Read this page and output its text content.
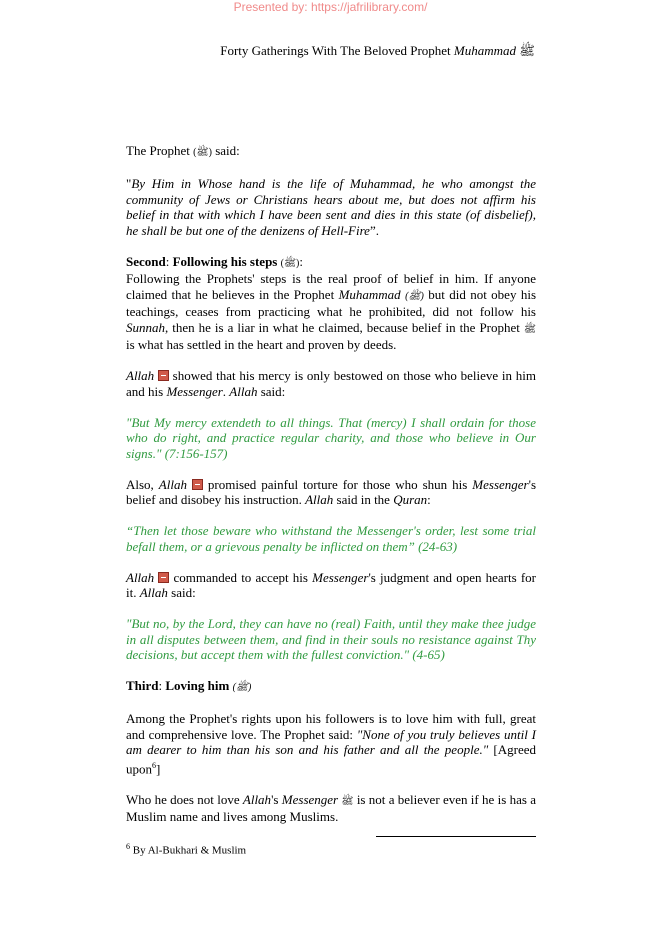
Presented by: https://jafrilibrary.com/
Forty Gatherings With The Beloved Prophet Muhammad ﷺ

The Prophet (ﷺ) said:

"By Him in Whose hand is the life of Muhammad, he who amongst the community of Jews or Christians hears about me, but does not affirm his belief in that with which I have been sent and dies in this state (of disbelief), he shall be but one of the denizens of Hell-Fire”.

Second: Following his steps (ﷺ):

Following the Prophets' steps is the real proof of belief in him. If anyone claimed that he believes in the Prophet Muhammad (ﷺ) but did not obey his teachings, ceases from practicing what he prohibited, did not follow his Sunnah, then he is a liar in what he claimed, because belief in the Prophet ﷺ is what has settled in the heart and proven by deeds.

Allah  showed that his mercy is only bestowed on those who believe in him and his Messenger. Allah said:

"But My mercy extendeth to all things. That (mercy) I shall ordain for those who do right, and practice regular charity, and those who believe in Our signs." (7:156-157)

Also, Allah  promised painful torture for those who shun his Messenger's belief and disobey his instruction. Allah said in the Quran:

“Then let those beware who withstand the Messenger's order, lest some trial befall them, or a grievous penalty be inflicted on them” (24-63)

Allah  commanded to accept his Messenger's judgment and open hearts for it. Allah said:

"But no, by the Lord, they can have no (real) Faith, until they make thee judge in all disputes between them, and find in their souls no resistance against Thy decisions, but accept them with the fullest conviction." (4-65)

Third: Loving him (ﷺ)

Among the Prophet's rights upon his followers is to love him with full, great and comprehensive love. The Prophet said: "None of you truly believes until I am dearer to him than his son and his father and all the people." [Agreed upon$^6$]

Who he does not love Allah's Messenger ﷺ is not a believer even if he is has a Muslim name and lives among Muslims.

$^6$ By Al-Bukhari & Muslim
